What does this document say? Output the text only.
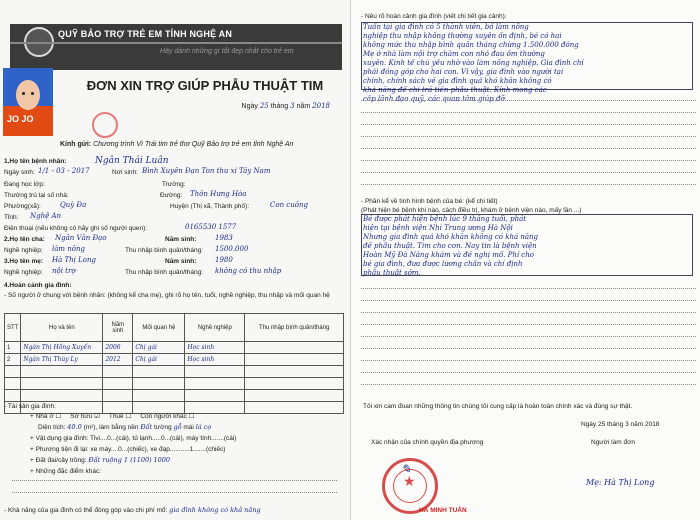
QUỸ BẢO TRỢ TRẺ EM TỈNH NGHỆ AN
Hãy dành những gì tốt đẹp nhất cho trẻ em
JO JO
ĐƠN XIN TRỢ GIÚP PHẪU THUẬT TIM
Ngày 25 tháng 3 năm 2018
Kính gửi: Chương trình Vì Trái tim trẻ thơ Quỹ Bảo trợ trẻ em tỉnh Nghệ An
1.Họ tên bệnh nhân:	Ngân Thái Luân
Ngày sinh: 1/1 - 03 - 2017	Nơi sinh: Bình Xuyên Đạn Ton thu xi Tây Nam
Đang học lớp:	Trường:
Thường trú tại số nhà:	Đường:	Thôn Hưng Hòa
Phường(xã):	Quỳ Đa	Huyện (Thị xã, Thành phố):	Con cuông
Tỉnh:	Nghệ An
Điện thoại (nếu không có hãy ghi số người quen):	0165530 1577
2.Họ tên cha:	Ngân Văn Đạo	Năm sinh:	1983
Nghề nghiệp:	làm nông	Thu nhập bình quân/tháng:	1500.000
3.Họ tên mẹ:	Hà Thị Long	Năm sinh:	1980
Nghề nghiệp:	nội trợ	Thu nhập bình quân/tháng:	không có thu nhập
4.Hoàn cảnh gia đình:
- Số người ở chung với bệnh nhân: (không kể cha mẹ), ghi rõ họ tên, tuổi, nghề nghiệp, thu nhập và mối quan hệ
STT	Họ và tên	Năm sinh	Mối quan hệ	Nghề nghiệp	Thu nhập bình quân/tháng
1	Ngân Thị Hồng Xuyến	2006	Chị gái	Học sinh	
2	Ngân Thị Thúy Ly	2012	Chị gái	Học sinh	

- Tài sản gia đình:
+ Nhà ở ☐ Sở hữu ☑ Thuê ☐ Con người khác ☐
Diện tích: 40.0 (m²), làm bằng nền Đất tường gỗ mái lá cọ
+ Vật dụng gia đình: Tivi....0...(cái), tủ lạnh.....0...(cái), máy tính.......(cái)
+ Phương tiện đi lại: xe máy....0...(chiếc), xe đạp...........1.......(chiếc)
+ Đất đai/cây trồng: Đất ruộng 1 (1100) 1000
+ Những đặc điểm khác:
- Khả năng của gia đình có thể đóng góp vào chi phí mổ: gia đình không có khả năng
- Nêu rõ hoàn cảnh gia đình (viết chi tiết gia cảnh):
Tuấn tại gia đình có 5 thành viên, bố làm nông
nghiệp thu nhập không thường xuyên ổn định, bé có hai
không mức thu nhập bình quân tháng chừng 1.500.000 đồng
Mẹ ở nhà làm nội trợ chăm con nhỏ đau ốm thường
xuyên. Kinh tế chủ yếu nhờ vào làm nông nghiệp. Gia đình chỉ
phải đóng góp cho hai con. Vì vậy, gia đình vào người tại
chính, chính sách về gia đình quá khó khăn không có
khả năng để chi trả tiền phẫu thuật. Kính mong các
cấp lãnh đạo quỹ, các quan tâm giúp đỡ.
- Phần kể về tình hình bệnh của bé: (kể chi tiết)
(Phát hiện bé bệnh khi nào, cách điều trị, khám ở bệnh viện nào, mấy lần ...)
Bé được phát hiện bệnh lúc 9 tháng tuổi, phát
hiện tại bệnh viện Nhi Trung ương Hà Nội
Nhưng gia đình quá khó khăn không có khả năng
để phẫu thuật. Tim cho con. Nay tin là bệnh viện
Hoàn Mỹ Đà Nẵng khám và đề nghị mổ. Phí cho
bé gia đình, đưa được lương chẩn và chỉ định
phẫu thuật sớm.
Tôi xin cam đoan những thông tin chúng tôi cung cấp là hoàn toàn chính xác và đúng sự thật.
Ngày 25 tháng 3 năm 2018
Xác nhận của chính quyền địa phương	Người làm đơn
Mẹ: Hà Thị Long
✎
HÀ MINH TUẤN
★
